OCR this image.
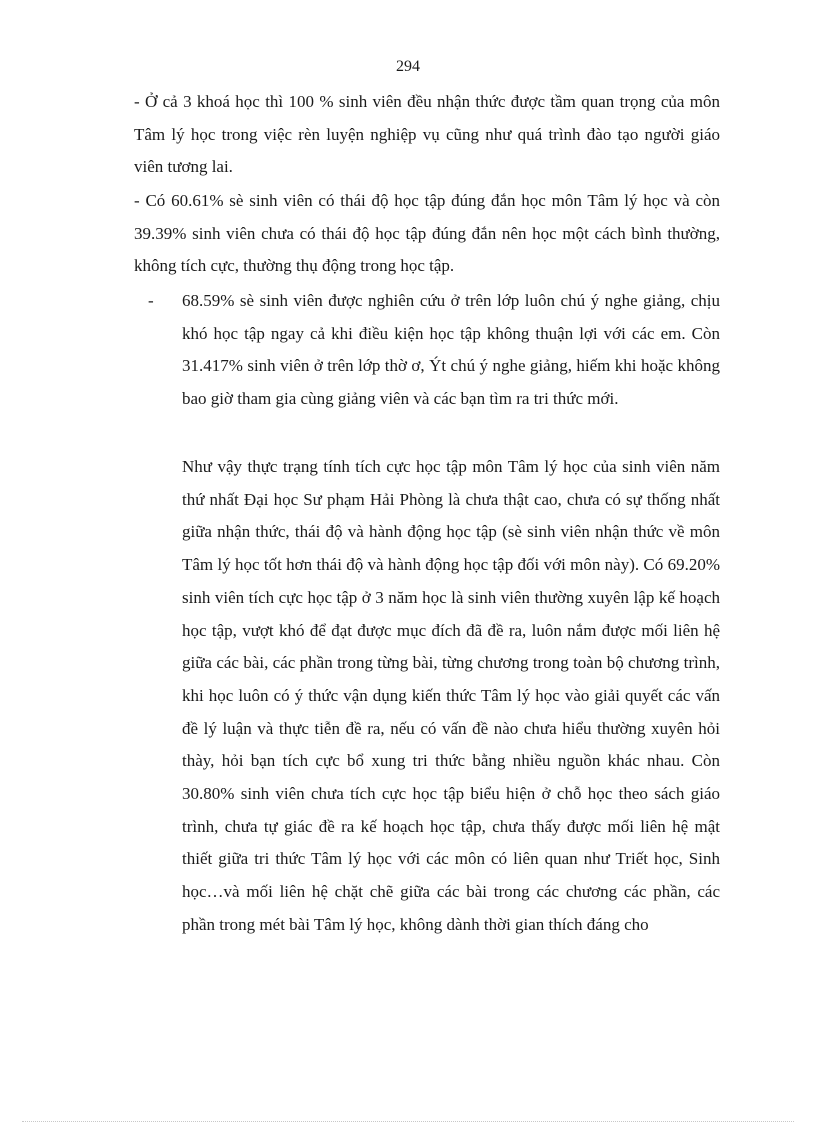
294
- Ở cả 3 khoá học thì 100 % sinh viên đều nhận thức được tầm quan trọng của môn Tâm lý học trong việc rèn luyện nghiệp vụ cũng như quá trình đào tạo người giáo viên tương lai.
- Có 60.61% sè sinh viên có thái độ học tập đúng đắn học môn Tâm lý học và còn 39.39% sinh viên chưa có thái độ học tập đúng đắn nên học một cách bình thường, không tích cực, thường thụ động trong học tập.
- 68.59% sè sinh viên được nghiên cứu ở trên lớp luôn chú ý nghe giảng, chịu khó học tập ngay cả khi điều kiện học tập không thuận lợi với các em. Còn 31.417% sinh viên ở trên lớp thờ ơ, Ýt chú ý nghe giảng, hiếm khi hoặc không bao giờ tham gia cùng giảng viên và các bạn tìm ra tri thức mới.
Như vậy thực trạng tính tích cực học tập môn Tâm lý học của sinh viên năm thứ nhất Đại học Sư phạm Hải Phòng là chưa thật cao, chưa có sự thống nhất giữa nhận thức, thái độ và hành động học tập (sè sinh viên nhận thức về môn Tâm lý học tốt hơn thái độ và hành động học tập đối với môn này). Có 69.20% sinh viên tích cực học tập ở 3 năm học là sinh viên thường xuyên lập kế hoạch học tập, vượt khó để đạt được mục đích đã đề ra, luôn nắm được mối liên hệ giữa các bài, các phần trong từng bài, từng chương trong toàn bộ chương trình, khi học luôn có ý thức vận dụng kiến thức Tâm lý học vào giải quyết các vấn đề lý luận và thực tiễn đề ra, nếu có vấn đề nào chưa hiểu thường xuyên hỏi thày, hỏi bạn tích cực bổ xung tri thức bằng nhiều nguồn khác nhau. Còn 30.80% sinh viên chưa tích cực học tập biểu hiện ở chỗ học theo sách giáo trình, chưa tự giác đề ra kế hoạch học tập, chưa thấy được mối liên hệ mật thiết giữa tri thức Tâm lý học với các môn có liên quan như Triết học, Sinh học…và mối liên hệ chặt chẽ giữa các bài trong các chương các phần, các phần trong mét bài Tâm lý học, không dành thời gian thích đáng cho
